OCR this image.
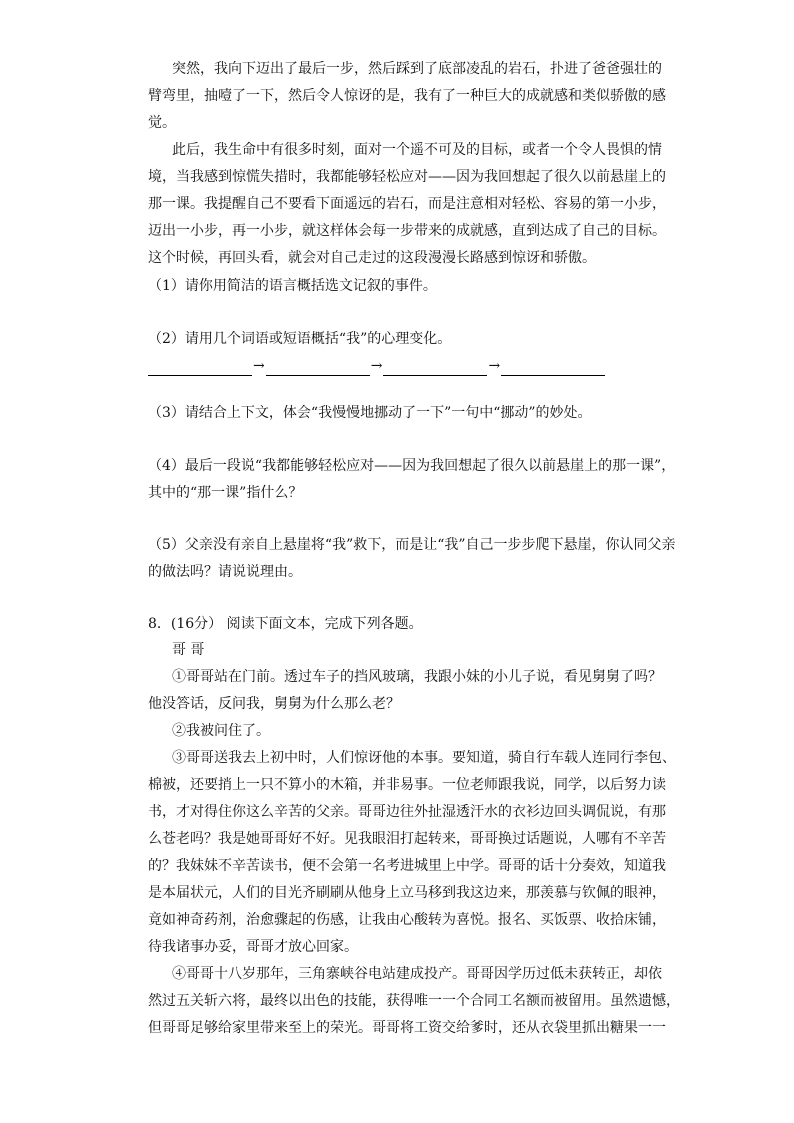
突然，我向下迈出了最后一步，然后踩到了底部凌乱的岩石，扑进了爸爸强壮的
臂弯里，抽噎了一下，然后令人惊讶的是，我有了一种巨大的成就感和类似骄傲的感
觉。
此后，我生命中有很多时刻，面对一个遥不可及的目标，或者一个令人畏惧的情
境，当我感到惊慌失措时，我都能够轻松应对——因为我回想起了很久以前悬崖上的
那一课。我提醒自己不要看下面遥远的岩石，而是注意相对轻松、容易的第一小步，
迈出一小步，再一小步，就这样体会每一步带来的成就感，直到达成了自己的目标。
这个时候，再回头看，就会对自己走过的这段漫漫长路感到惊讶和骄傲。
（1）请你用简洁的语言概括选文记叙的事件。
（2）请用几个词语或短语概括“我”的心理变化。
→	→	→
（3）请结合上下文，体会“我慢慢地挪动了一下”一句中“挪动”的妙处。
（4）最后一段说“我都能够轻松应对——因为我回想起了很久以前悬崖上的那一课”，
其中的“那一课”指什么？
（5）父亲没有亲自上悬崖将“我”救下，而是让“我”自己一步步爬下悬崖，你认同父亲
的做法吗？请说说理由。
8．(16分） 阅读下面文本，完成下列各题。
哥 哥
①哥哥站在门前。透过车子的挡风玻璃，我跟小妹的小儿子说，看见舅舅了吗？
他没答话，反问我，舅舅为什么那么老？
②我被问住了。
③哥哥送我去上初中时，人们惊讶他的本事。要知道，骑自行车载人连同行李包、
棉被，还要捎上一只不算小的木箱，并非易事。一位老师跟我说，同学，以后努力读
书，才对得住你这么辛苦的父亲。哥哥边往外扯湿透汗水的衣衫边回头调侃说，有那
么苍老吗？我是她哥哥好不好。见我眼泪打起转来，哥哥换过话题说，人哪有不辛苦
的？我妹妹不辛苦读书，便不会第一名考进城里上中学。哥哥的话十分奏效，知道我
是本届状元，人们的目光齐刷刷从他身上立马移到我这边来，那羡慕与钦佩的眼神，
竟如神奇药剂，治愈骤起的伤感，让我由心酸转为喜悦。报名、买饭票、收拾床铺，
待我诸事办妥，哥哥才放心回家。
④哥哥十八岁那年，三角寨峡谷电站建成投产。哥哥因学历过低未获转正，却依
然过五关斩六将，最终以出色的技能，获得唯一一个合同工名额而被留用。虽然遗憾，
但哥哥足够给家里带来至上的荣光。哥哥将工资交给爹时，还从衣袋里抓出糖果一一
